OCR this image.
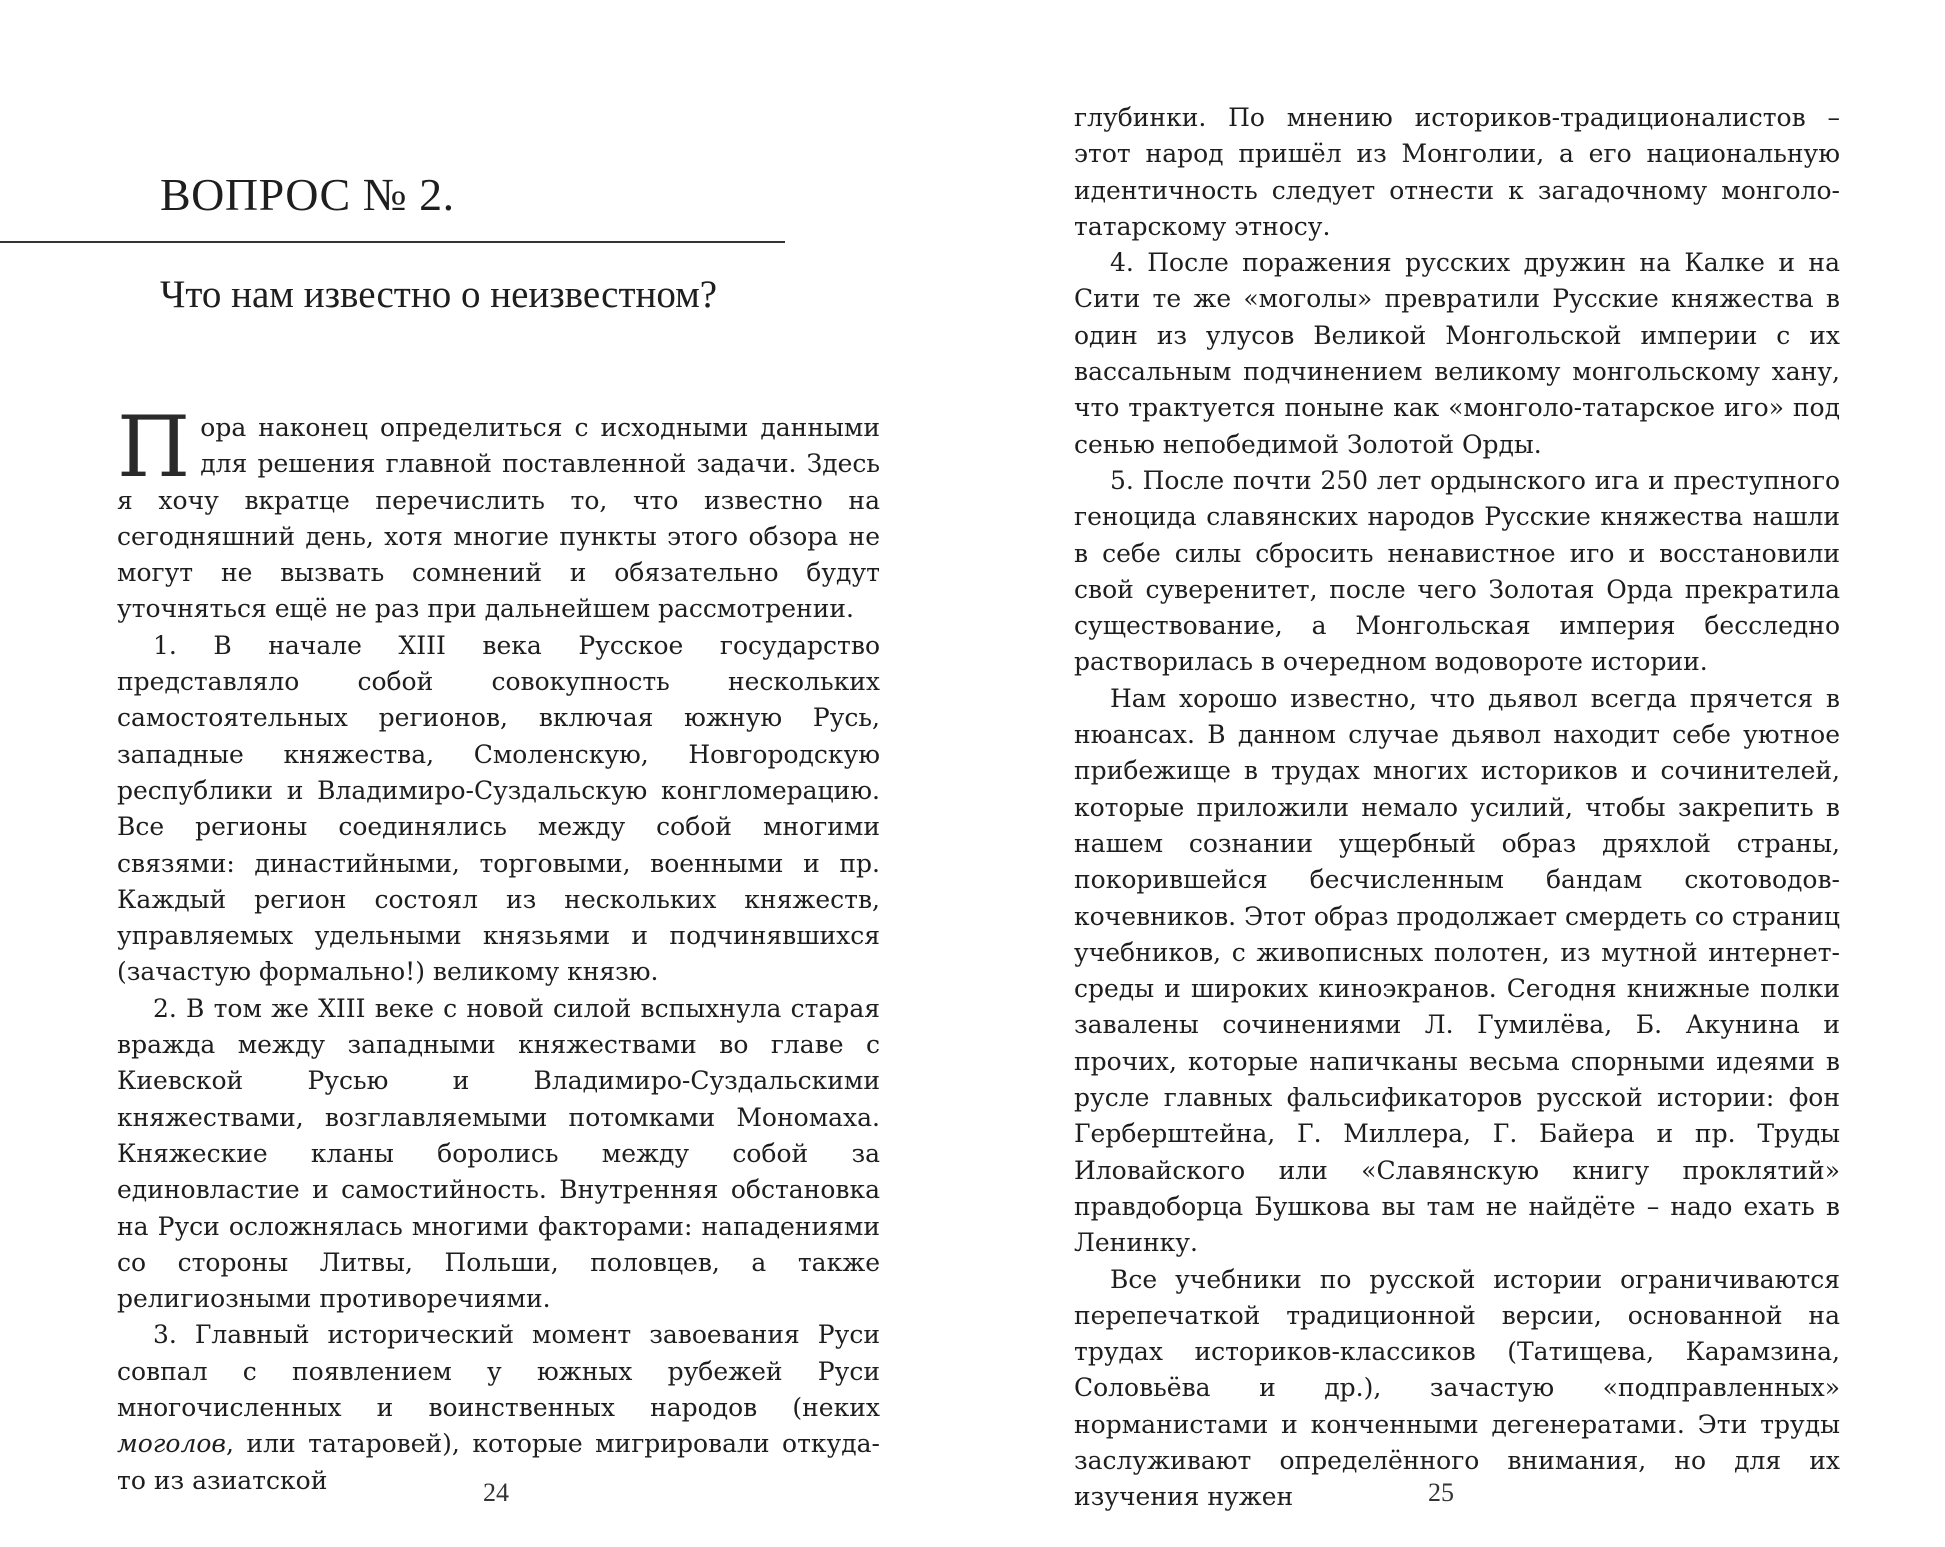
ВОПРОС № 2.
Что нам известно о неизвестном?

Пора наконец определиться с исходными данными для решения главной поставленной задачи. Здесь я хочу вкратце перечислить то, что известно на сегодняшний день, хотя многие пункты этого обзора не могут не вызвать сомнений и обязательно будут уточняться ещё не раз при дальнейшем рассмотрении.

1. В начале XIII века Русское государство представляло собой совокупность нескольких самостоятельных регионов, включая южную Русь, западные княжества, Смоленскую, Новгородскую республики и Владимиро-Суздальскую конгломерацию. Все регионы соединялись между собой многими связями: династийными, торговыми, военными и пр. Каждый регион состоял из нескольких княжеств, управляемых удельными князьями и подчинявшихся (зачастую формально!) великому князю.

2. В том же XIII веке с новой силой вспыхнула старая вражда между западными княжествами во главе с Киевской Русью и Владимиро-Суздальскими княжествами, возглавляемыми потомками Мономаха. Княжеские кланы боролись между собой за единовластие и самостийность. Внутренняя обстановка на Руси осложнялась многими факторами: нападениями со стороны Литвы, Польши, половцев, а также религиозными противоречиями.

3. Главный исторический момент завоевания Руси совпал с появлением у южных рубежей Руси многочисленных и воинственных народов (неких моголов, или татаровей), которые мигрировали откуда-то из азиатской	24

глубинки. По мнению историков-традиционалистов – этот народ пришёл из Монголии, а его национальную идентичность следует отнести к загадочному монголо-татарскому этносу.

4. После поражения русских дружин на Калке и на Сити те же «моголы» превратили Русские княжества в один из улусов Великой Монгольской империи с их вассальным подчинением великому монгольскому хану, что трактуется поныне как «монголо-татарское иго» под сенью непобедимой Золотой Орды.

5. После почти 250 лет ордынского ига и преступного геноцида славянских народов Русские княжества нашли в себе силы сбросить ненавистное иго и восстановили свой суверенитет, после чего Золотая Орда прекратила существование, а Монгольская империя бесследно растворилась в очередном водовороте истории.

Нам хорошо известно, что дьявол всегда прячется в нюансах. В данном случае дьявол находит себе уютное прибежище в трудах многих историков и сочинителей, которые приложили немало усилий, чтобы закрепить в нашем сознании ущербный образ дряхлой страны, покорившейся бесчисленным бандам скотоводов-кочевников. Этот образ продолжает смердеть со страниц учебников, с живописных полотен, из мутной интернет-среды и широких киноэкранов. Сегодня книжные полки завалены сочинениями Л. Гумилёва, Б. Акунина и прочих, которые напичканы весьма спорными идеями в русле главных фальсификаторов русской истории: фон Герберштейна, Г. Миллера, Г. Байера и пр. Труды Иловайского или «Славянскую книгу проклятий» правдоборца Бушкова вы там не найдёте – надо ехать в Ленинку.

Все учебники по русской истории ограничиваются перепечаткой традиционной версии, основанной на трудах историков-классиков (Татищева, Карамзина, Соловьёва и др.), зачастую «подправленных» норманистами и конченными дегенератами. Эти труды заслуживают определённого внимания, но для их изучения нужен	25
